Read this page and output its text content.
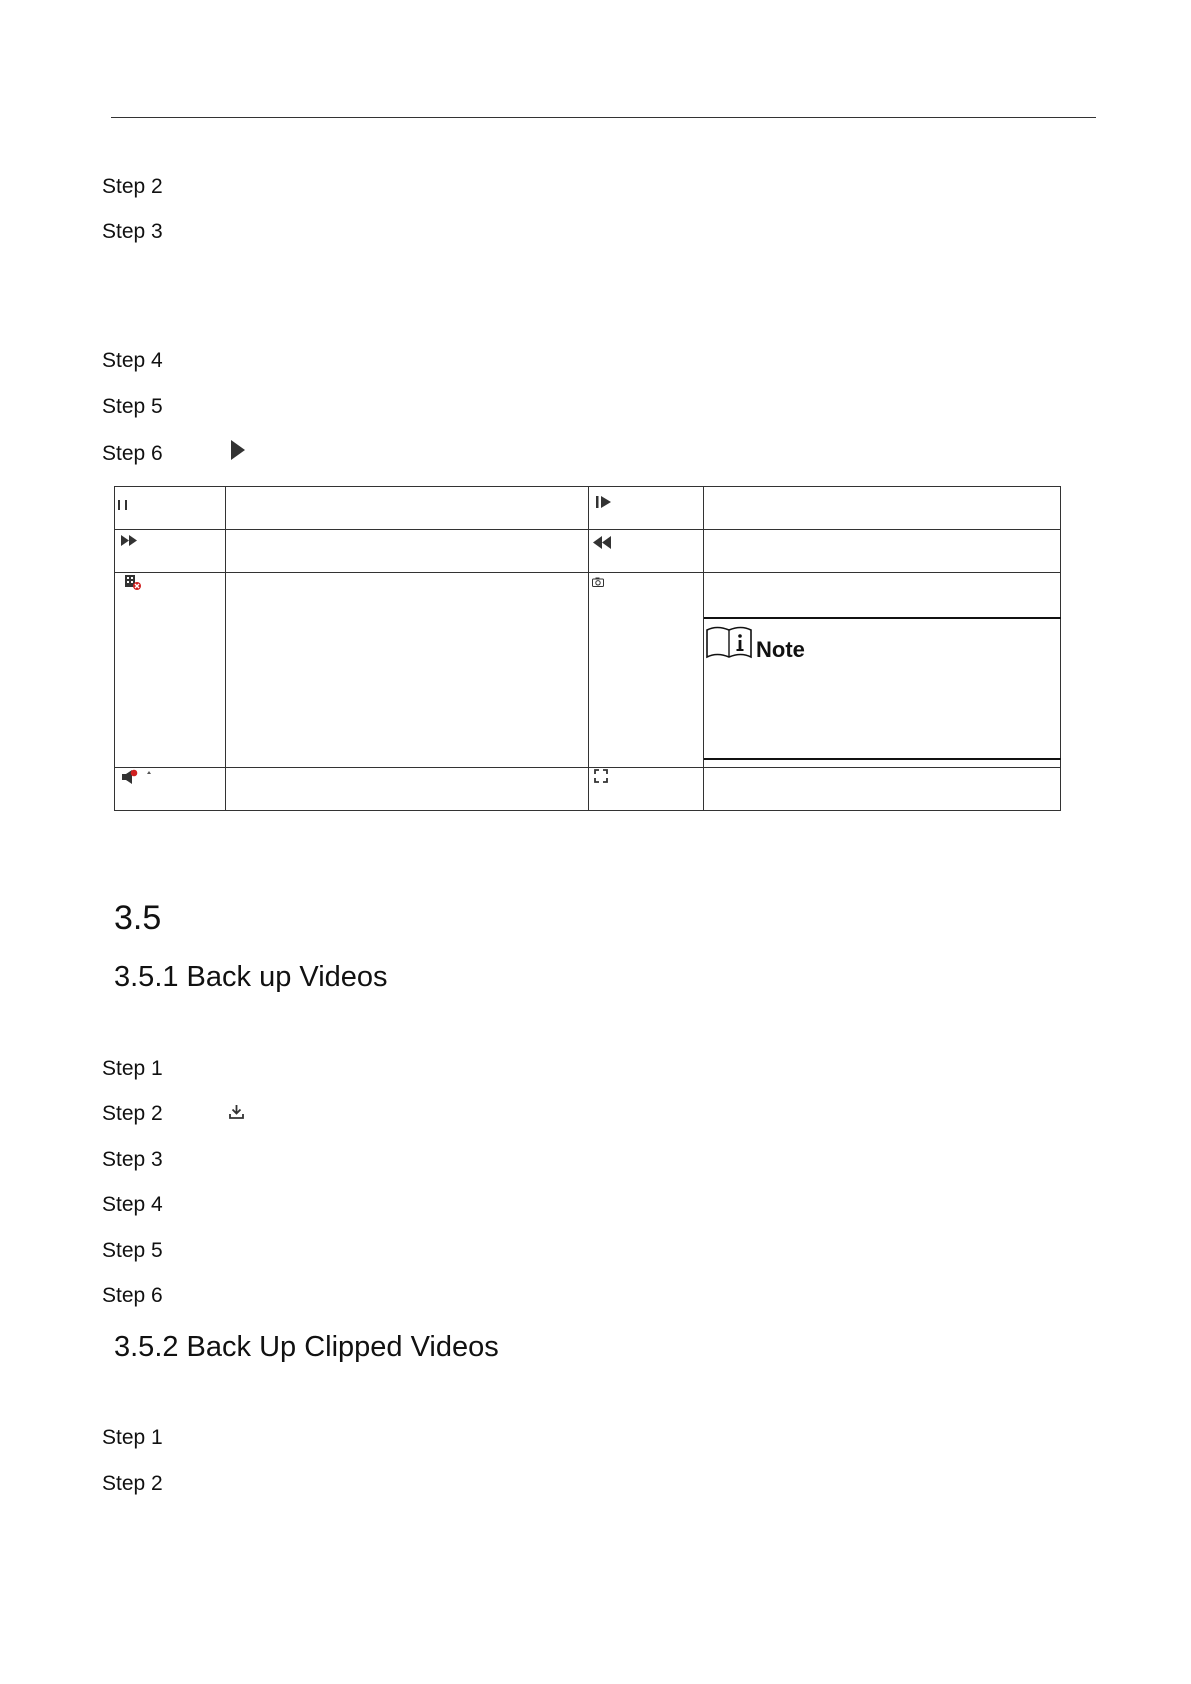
Step 2
Step 3
Step 4
Step 5
Step 6
Note
3.5
3.5.1 Back up Videos
Step 1
Step 2
Step 3
Step 4
Step 5
Step 6
3.5.2 Back Up Clipped Videos
Step 1
Step 2
